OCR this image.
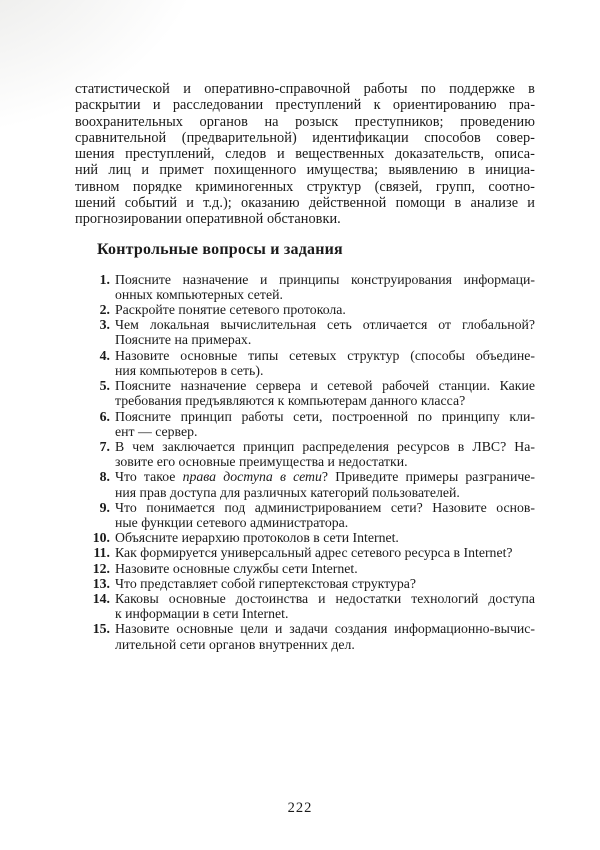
статистической и оперативно-справочной работы по поддержке в
раскрытии и расследовании преступлений к ориентированию пра-
воохранительных органов на розыск преступников; проведению
сравнительной (предварительной) идентификации способов совер-
шения преступлений, следов и вещественных доказательств, описа-
ний лиц и примет похищенного имущества; выявлению в инициа-
тивном порядке криминогенных структур (связей, групп, соотно-
шений событий и т.д.); оказанию действенной помощи в анализе и
прогнозировании оперативной обстановки.
Контрольные вопросы и задания
1. Поясните назначение и принципы конструирования информаци-
онных компьютерных сетей.
2. Раскройте понятие сетевого протокола.
3. Чем локальная вычислительная сеть отличается от глобальной?
Поясните на примерах.
4. Назовите основные типы сетевых структур (способы объедине-
ния компьютеров в сеть).
5. Поясните назначение сервера и сетевой рабочей станции. Какие
требования предъявляются к компьютерам данного класса?
6. Поясните принцип работы сети, построенной по принципу кли-
ент — сервер.
7. В чем заключается принцип распределения ресурсов в ЛВС? На-
зовите его основные преимущества и недостатки.
8. Что такое права доступа в сети? Приведите примеры разграниче-
ния прав доступа для различных категорий пользователей.
9. Что понимается под администрированием сети? Назовите основ-
ные функции сетевого администратора.
10. Объясните иерархию протоколов в сети Internet.
11. Как формируется универсальный адрес сетевого ресурса в Internet?
12. Назовите основные службы сети Internet.
13. Что представляет собой гипертекстовая структура?
14. Каковы основные достоинства и недостатки технологий доступа
к информации в сети Internet.
15. Назовите основные цели и задачи создания информационно-вычис-
лительной сети органов внутренних дел.
222
